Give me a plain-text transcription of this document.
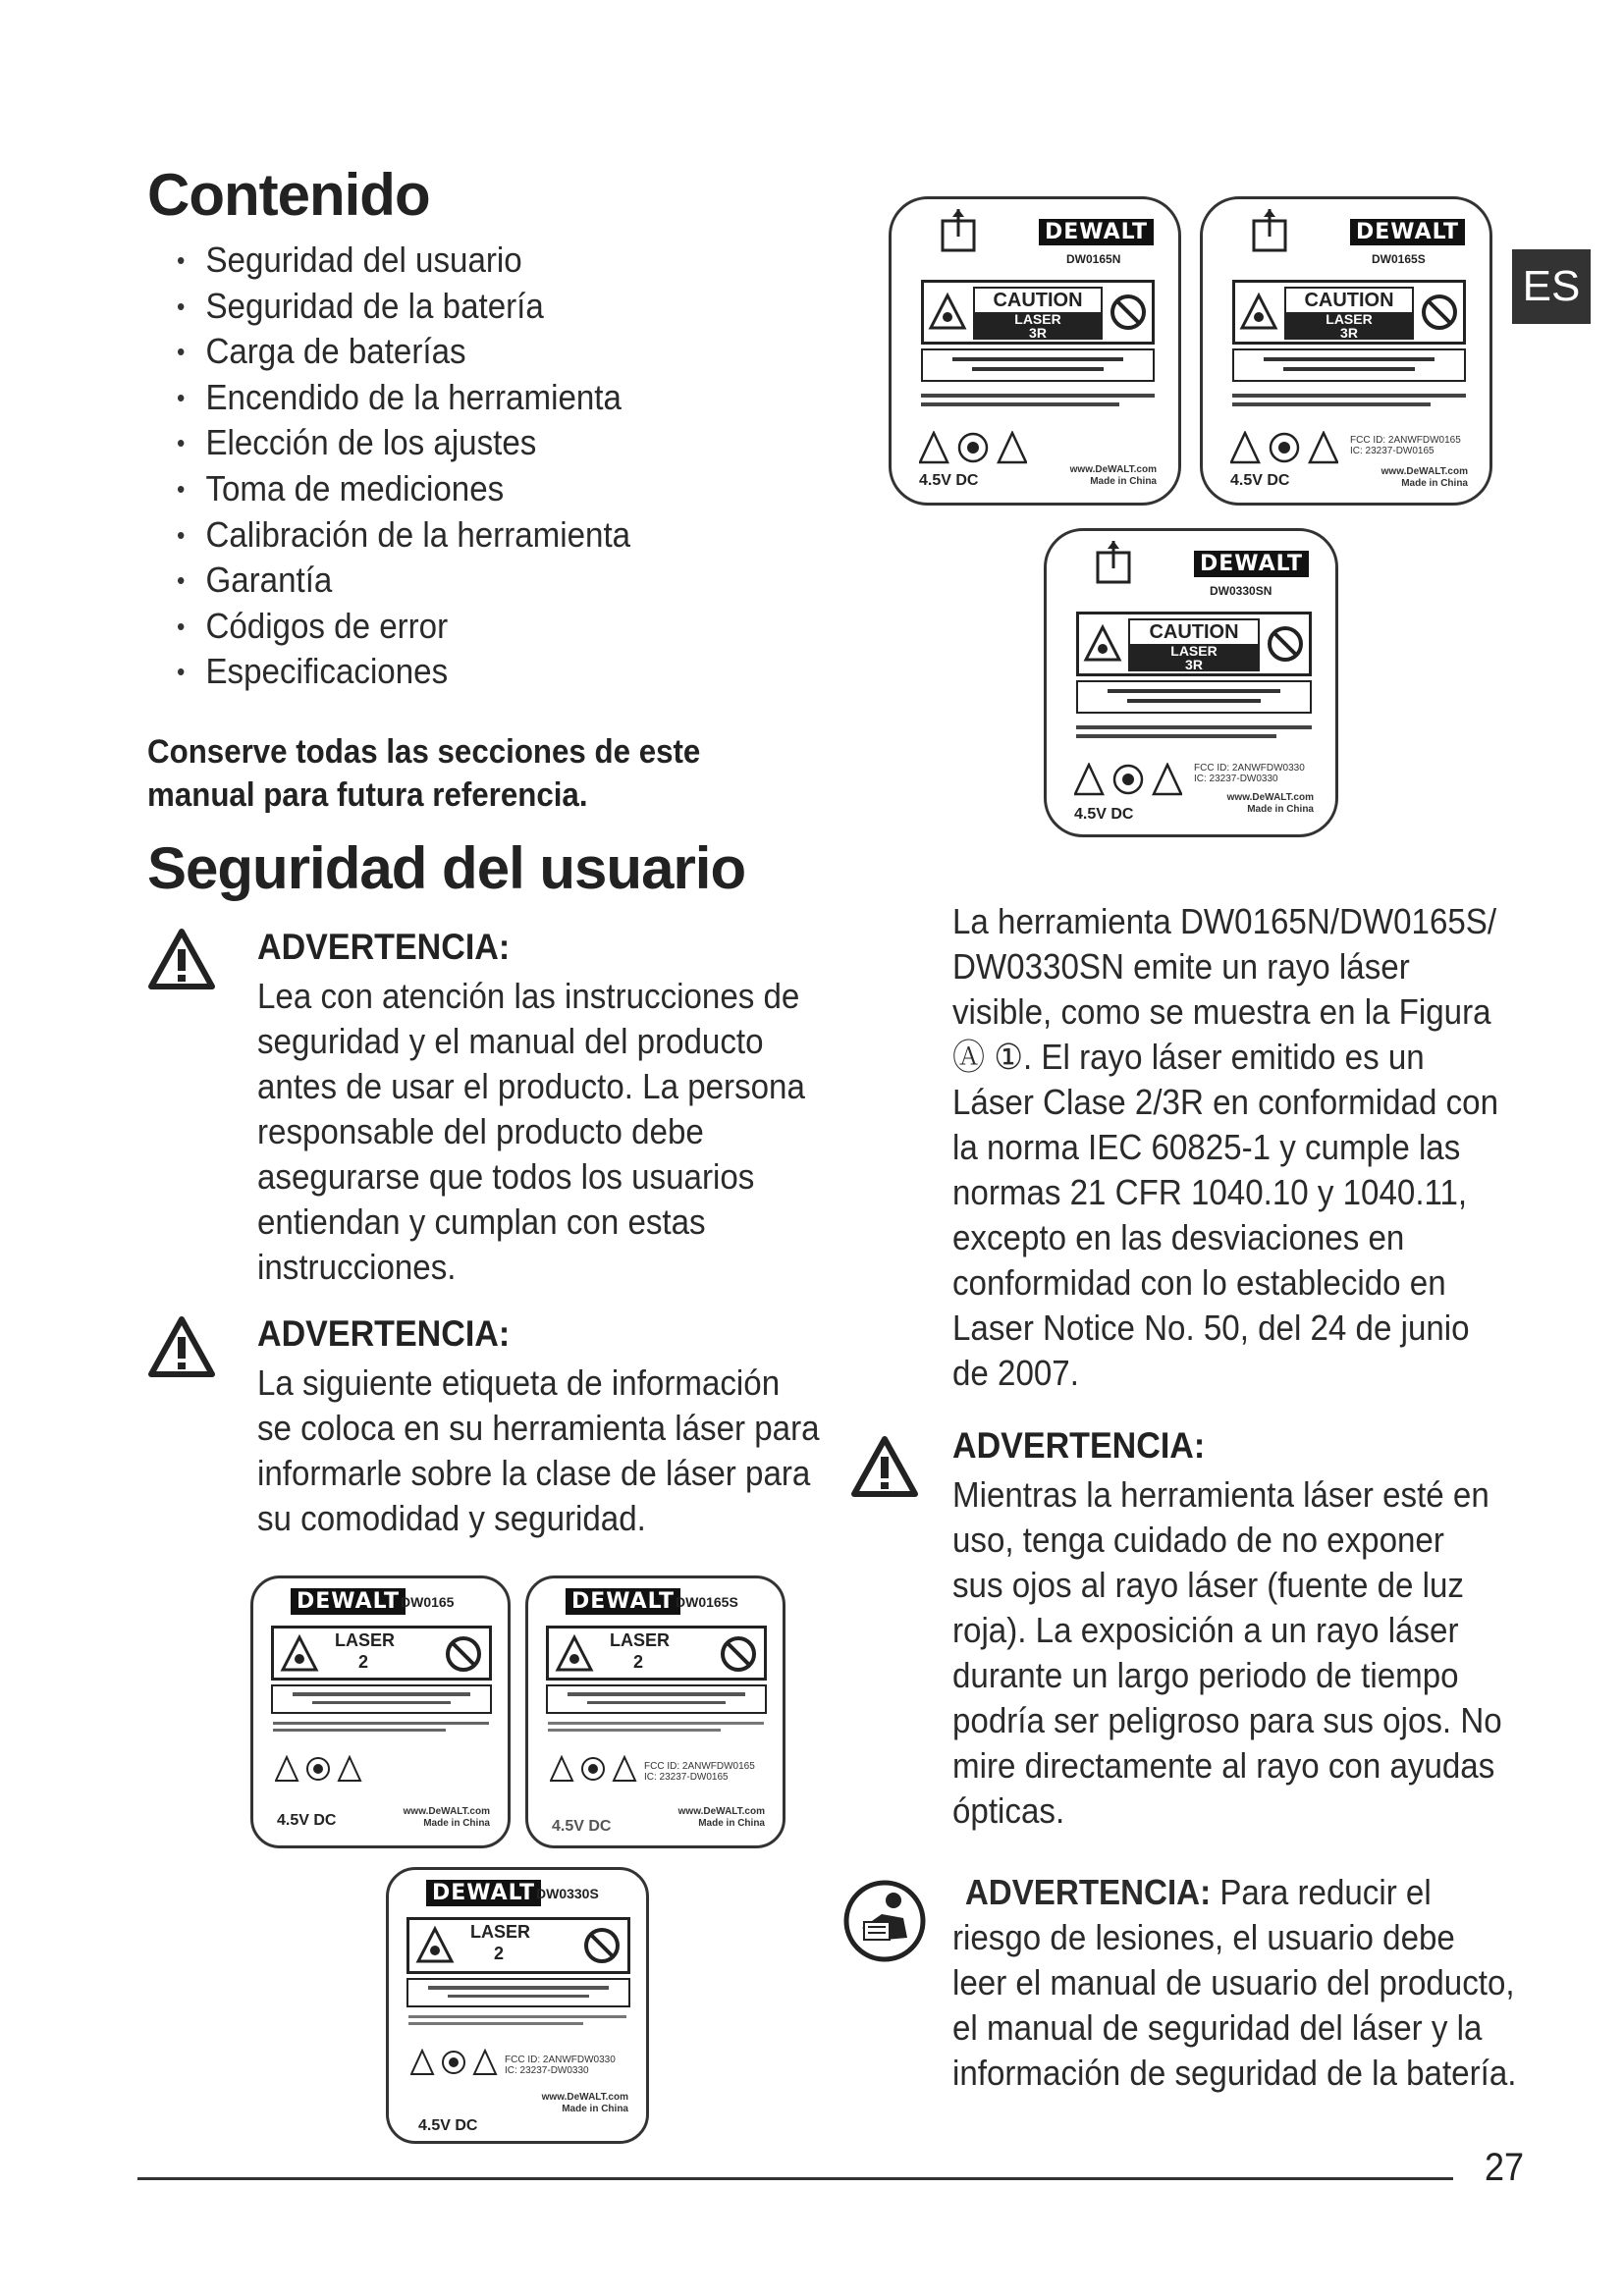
Contenido
• Seguridad del usuario
• Seguridad de la batería
• Carga de baterías
• Encendido de la herramienta
• Elección de los ajustes
• Toma de mediciones
• Calibración de la herramienta
• Garantía
• Códigos de error
• Especificaciones
Conserve todas las secciones de este
manual para futura referencia.
Seguridad del usuario
ADVERTENCIA:
Lea con atención las instrucciones de
seguridad y el manual del producto
antes de usar el producto. La persona
responsable del producto debe
asegurarse que todos los usuarios
entiendan y cumplan con estas
instrucciones.
ADVERTENCIA:
La siguiente etiqueta de información
se coloca en su herramienta láser para
informarle sobre la clase de láser para
su comodidad y seguridad.
DEWALT DW0165
LASER
2
4.5V DC
www.DeWALT.com
Made in China
DEWALT DW0165S
LASER
2
FCC ID: 2ANWFDW0165
IC: 23237-DW0165
4.5V DC
www.DeWALT.com
Made in China
DEWALT DW0330S
LASER
2
FCC ID: 2ANWFDW0330
IC: 23237-DW0330
www.DeWALT.com
Made in China
4.5V DC
DEWALT
DW0165N
CAUTION
LASER
3R
4.5V DC
www.DeWALT.com
Made in China
DEWALT
DW0165S
CAUTION
LASER
3R
FCC ID: 2ANWFDW0165
IC: 23237-DW0165
4.5V DC
www.DeWALT.com
Made in China
DEWALT
DW0330SN
CAUTION
LASER
3R
FCC ID: 2ANWFDW0330
IC: 23237-DW0330
4.5V DC
www.DeWALT.com
Made in China
La herramienta DW0165N/DW0165S/
DW0330SN emite un rayo láser
visible, como se muestra en la Figura
Ⓐ ①. El rayo láser emitido es un
Láser Clase 2/3R en conformidad con
la norma IEC 60825-1 y cumple las
normas 21 CFR 1040.10 y 1040.11,
excepto en las desviaciones en
conformidad con lo establecido en
Laser Notice No. 50, del 24 de junio
de 2007.
ADVERTENCIA:
Mientras la herramienta láser esté en
uso, tenga cuidado de no exponer
sus ojos al rayo láser (fuente de luz
roja). La exposición a un rayo láser
durante un largo periodo de tiempo
podría ser peligroso para sus ojos. No
mire directamente al rayo con ayudas
ópticas.
ADVERTENCIA: Para reducir el
riesgo de lesiones, el usuario debe
leer el manual de usuario del producto,
el manual de seguridad del láser y la
información de seguridad de la batería.
ES
27
